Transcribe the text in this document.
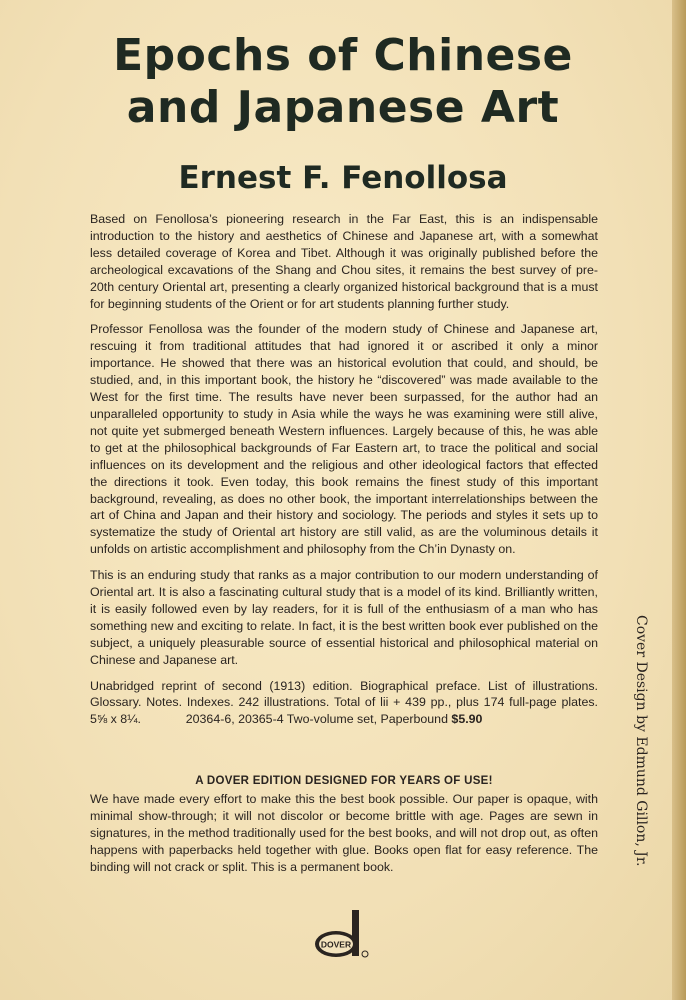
Epochs of Chinese
and Japanese Art
Ernest F. Fenollosa

Based on Fenollosa’s pioneering research in the Far East, this is an indispensable introduction to the history and aesthetics of Chinese and Japanese art, with a somewhat less detailed coverage of Korea and Tibet. Although it was originally published before the archeological excavations of the Shang and Chou sites, it remains the best survey of pre-20th century Oriental art, presenting a clearly organized historical background that is a must for beginning students of the Orient or for art students planning further study.

Professor Fenollosa was the founder of the modern study of Chinese and Japanese art, rescuing it from traditional attitudes that had ignored it or ascribed it only a minor importance. He showed that there was an historical evolution that could, and should, be studied, and, in this important book, the history he “discovered” was made available to the West for the first time. The results have never been surpassed, for the author had an unparalleled opportunity to study in Asia while the ways he was examining were still alive, not quite yet submerged beneath Western influences. Largely because of this, he was able to get at the philosophical backgrounds of Far Eastern art, to trace the political and social influences on its development and the religious and other ideological factors that effected the directions it took. Even today, this book remains the finest study of this important background, revealing, as does no other book, the important interrelationships between the art of China and Japan and their history and sociology. The periods and styles it sets up to systematize the study of Oriental art history are still valid, as are the voluminous details it unfolds on artistic accomplishment and philosophy from the Ch’in Dynasty on.

This is an enduring study that ranks as a major contribution to our modern understanding of Oriental art. It is also a fascinating cultural study that is a model of its kind. Brilliantly written, it is easily followed even by lay readers, for it is full of the enthusiasm of a man who has something new and exciting to relate. In fact, it is the best written book ever published on the subject, a uniquely pleasurable source of essential historical and philosophical material on Chinese and Japanese art.

Unabridged reprint of second (1913) edition. Biographical preface. List of illustrations. Glossary. Notes. Indexes. 242 illustrations. Total of lii + 439 pp., plus 174 full-page plates. 5⅝ x 8¼.	20364-6, 20365-4 Two-volume set, Paperbound $5.90

A DOVER EDITION DESIGNED FOR YEARS OF USE!

We have made every effort to make this the best book possible. Our paper is opaque, with minimal show-through; it will not discolor or become brittle with age. Pages are sewn in signatures, in the method traditionally used for the best books, and will not drop out, as often happens with paperbacks held together with glue. Books open flat for easy reference. The binding will not crack or split. This is a permanent book.

Cover Design by Edmund Gillon, Jr.
DOVER
